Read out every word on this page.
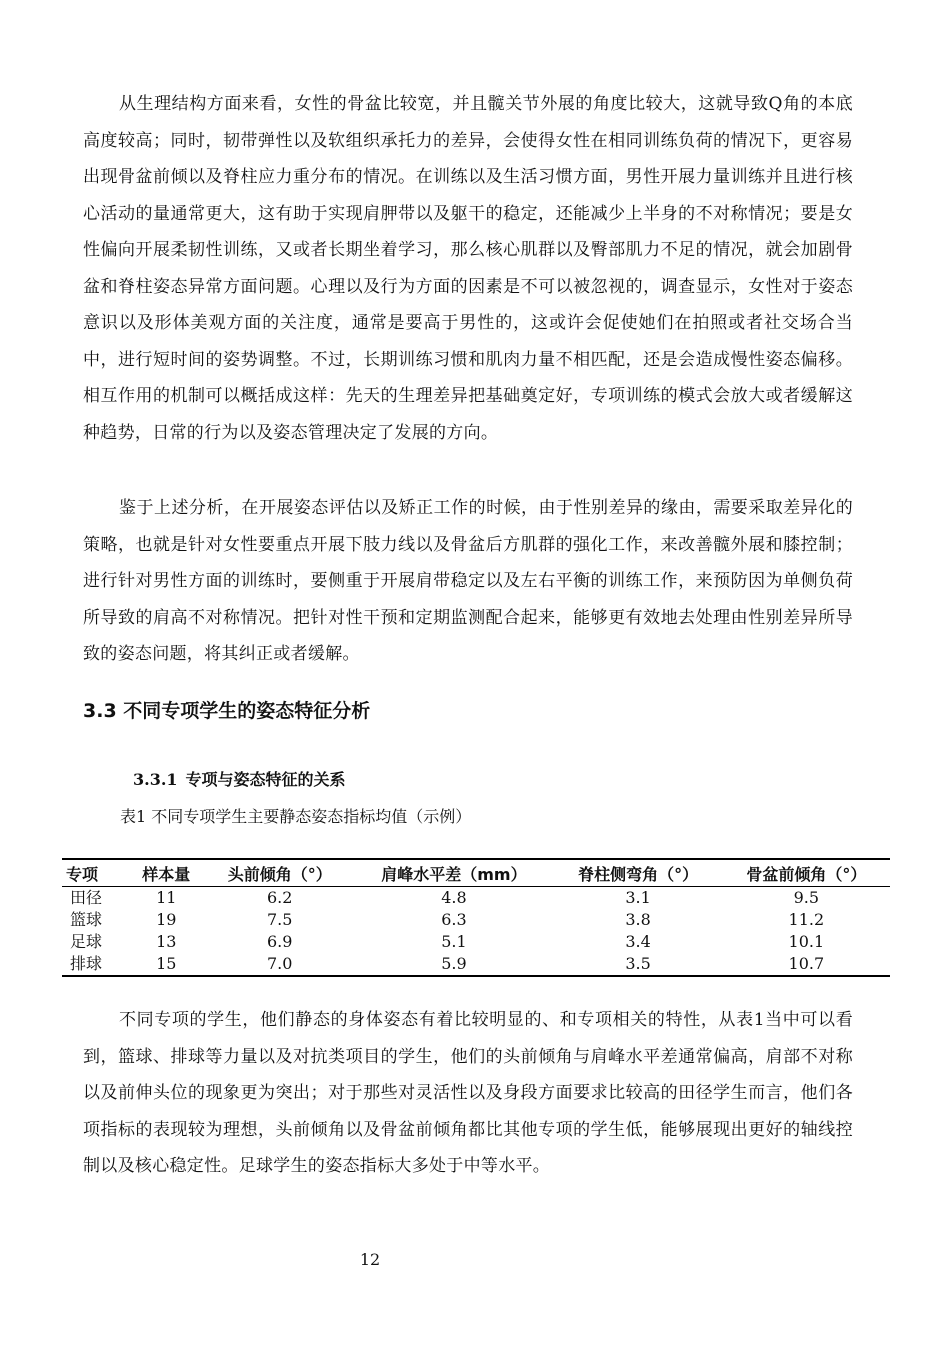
从生理结构方面来看，女性的骨盆比较宽，并且髋关节外展的角度比较大，这就导致Q角的本底高度较高；同时，韧带弹性以及软组织承托力的差异，会使得女性在相同训练负荷的情况下，更容易出现骨盆前倾以及脊柱应力重分布的情况。在训练以及生活习惯方面，男性开展力量训练并且进行核心活动的量通常更大，这有助于实现肩胛带以及躯干的稳定，还能减少上半身的不对称情况；要是女性偏向开展柔韧性训练，又或者长期坐着学习，那么核心肌群以及臀部肌力不足的情况，就会加剧骨盆和脊柱姿态异常方面问题。心理以及行为方面的因素是不可以被忽视的，调查显示，女性对于姿态意识以及形体美观方面的关注度，通常是要高于男性的，这或许会促使她们在拍照或者社交场合当中，进行短时间的姿势调整。不过，长期训练习惯和肌肉力量不相匹配，还是会造成慢性姿态偏移。相互作用的机制可以概括成这样：先天的生理差异把基础奠定好，专项训练的模式会放大或者缓解这种趋势，日常的行为以及姿态管理决定了发展的方向。

鉴于上述分析，在开展姿态评估以及矫正工作的时候，由于性别差异的缘由，需要采取差异化的策略，也就是针对女性要重点开展下肢力线以及骨盆后方肌群的强化工作，来改善髋外展和膝控制；进行针对男性方面的训练时，要侧重于开展肩带稳定以及左右平衡的训练工作，来预防因为单侧负荷所导致的肩高不对称情况。把针对性干预和定期监测配合起来，能够更有效地去处理由性别差异所导致的姿态问题，将其纠正或者缓解。

3.3 不同专项学生的姿态特征分析
3.3.1 专项与姿态特征的关系

表1 不同专项学生主要静态姿态指标均值（示例）

专项	样本量	头前倾角（°）	肩峰水平差（mm）	脊柱侧弯角（°）	骨盆前倾角（°）
田径	11	6.2	4.8	3.1	9.5
篮球	19	7.5	6.3	3.8	11.2
足球	13	6.9	5.1	3.4	10.1
排球	15	7.0	5.9	3.5	10.7

不同专项的学生，他们静态的身体姿态有着比较明显的、和专项相关的特性，从表1当中可以看到，篮球、排球等力量以及对抗类项目的学生，他们的头前倾角与肩峰水平差通常偏高，肩部不对称以及前伸头位的现象更为突出；对于那些对灵活性以及身段方面要求比较高的田径学生而言，他们各项指标的表现较为理想，头前倾角以及骨盆前倾角都比其他专项的学生低，能够展现出更好的轴线控制以及核心稳定性。足球学生的姿态指标大多处于中等水平。

12
